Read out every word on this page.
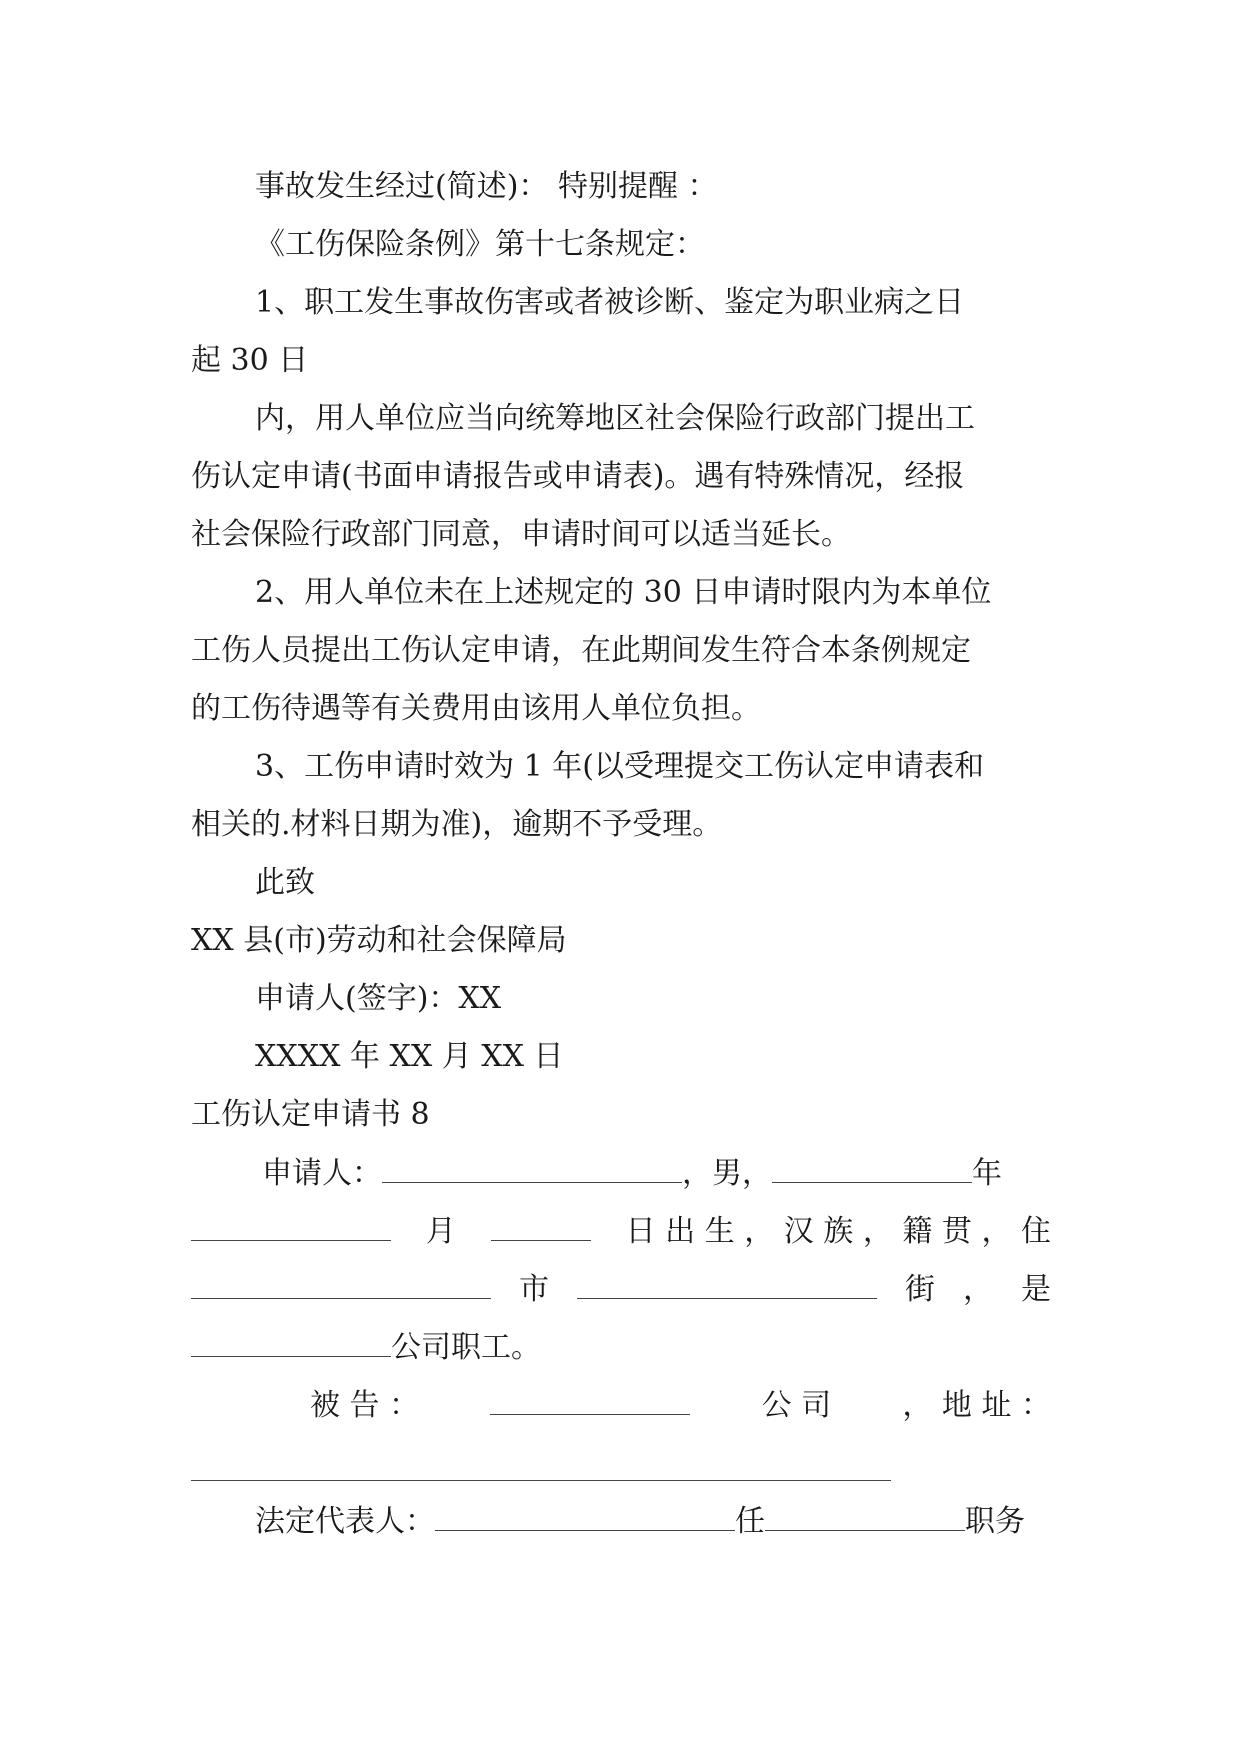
事故发生经过(简述)： 特别提醒 ：
《工伤保险条例》第十七条规定：
1、职工发生事故伤害或者被诊断、鉴定为职业病之日
起 30 日
内，用人单位应当向统筹地区社会保险行政部门提出工
伤认定申请(书面申请报告或申请表)。遇有特殊情况，经报
社会保险行政部门同意，申请时间可以适当延长。
2、用人单位未在上述规定的 30 日申请时限内为本单位
工伤人员提出工伤认定申请，在此期间发生符合本条例规定
的工伤待遇等有关费用由该用人单位负担。
3、工伤申请时效为 1 年(以受理提交工伤认定申请表和
相关的.材料日期为准)，逾期不予受理。
此致
XX 县(市)劳动和社会保障局
申请人(签字)：XX
XXXX 年 XX 月 XX 日
工伤认定申请书 8
申请人：	，男，	年
月	日 出 生 ， 汉 族 ， 籍 贯 ， 住
市	街 ， 是
公司职工。
被 告 ：	公 司 ， 地 址 ：
法定代表人：	任	职务
